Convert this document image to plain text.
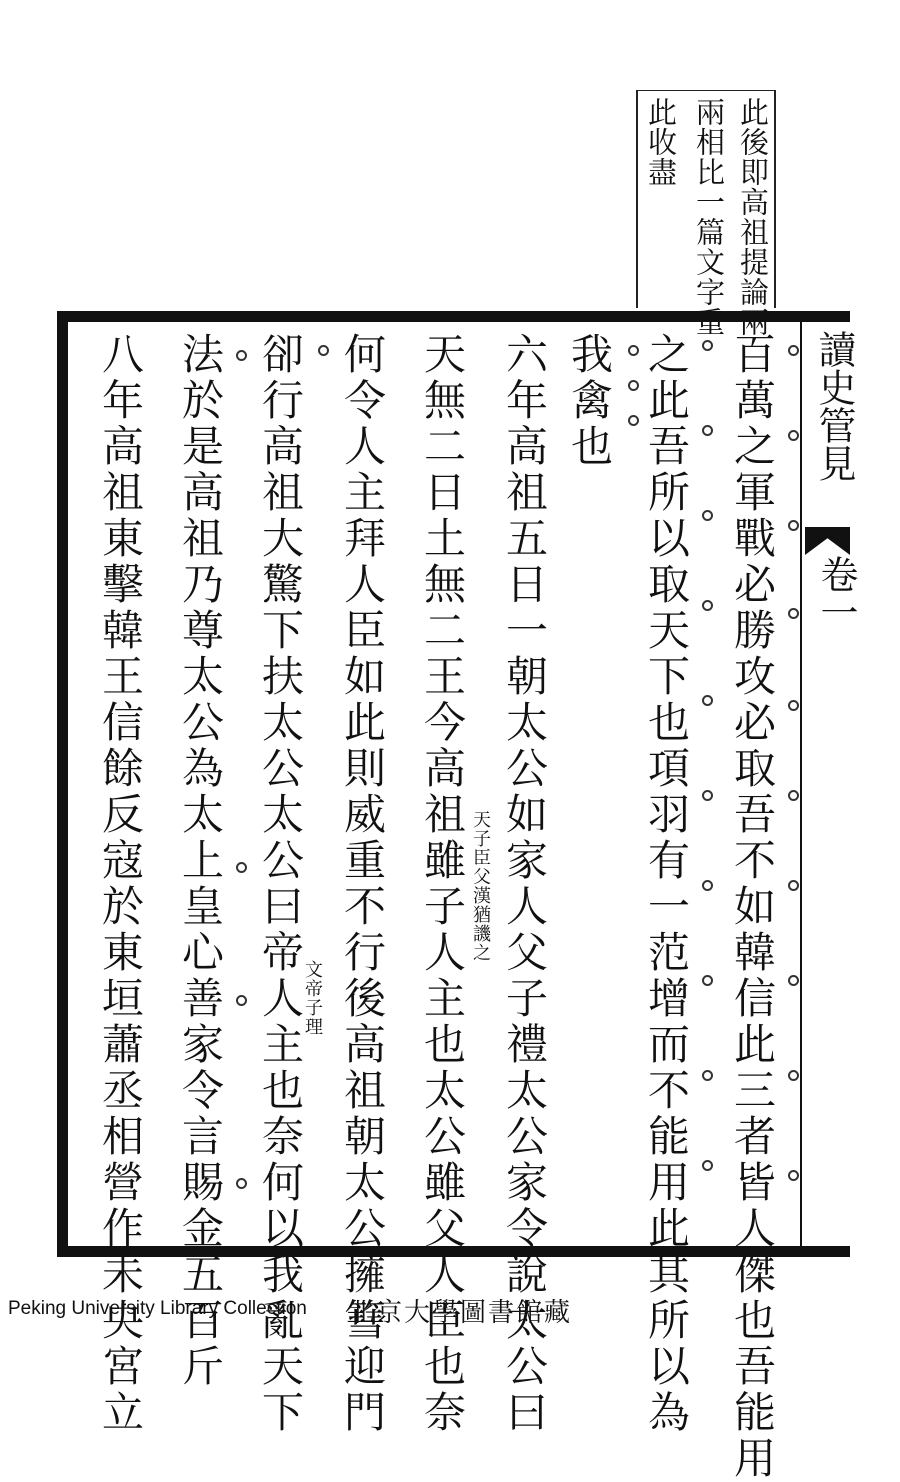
此後即高祖提論兩
兩相比一篇文字重
此收盡
讀史管見
卷一
百萬之軍戰必勝攻必取吾不如韓信此三者皆人傑也吾能用
之此吾所以取天下也項羽有一范增而不能用此其所以為
我禽也
六年高祖五日一朝太公如家人父子禮太公家令說太公曰
天無二日土無二王今高祖雖子人主也太公雖父人臣也奈
何令人主拜人臣如此則威重不行後高祖朝太公擁篲迎門
卻行高祖大驚下扶太公太公曰帝人主也奈何以我亂天下
法於是高祖乃尊太公為太上皇心善家令言賜金五百斤
八年高祖東擊韓王信餘反寇於東垣蕭丞相營作未央宮立	天子臣父漢猶譏之
文帝子理
Peking University Library Collection 北京大學圖書館藏
